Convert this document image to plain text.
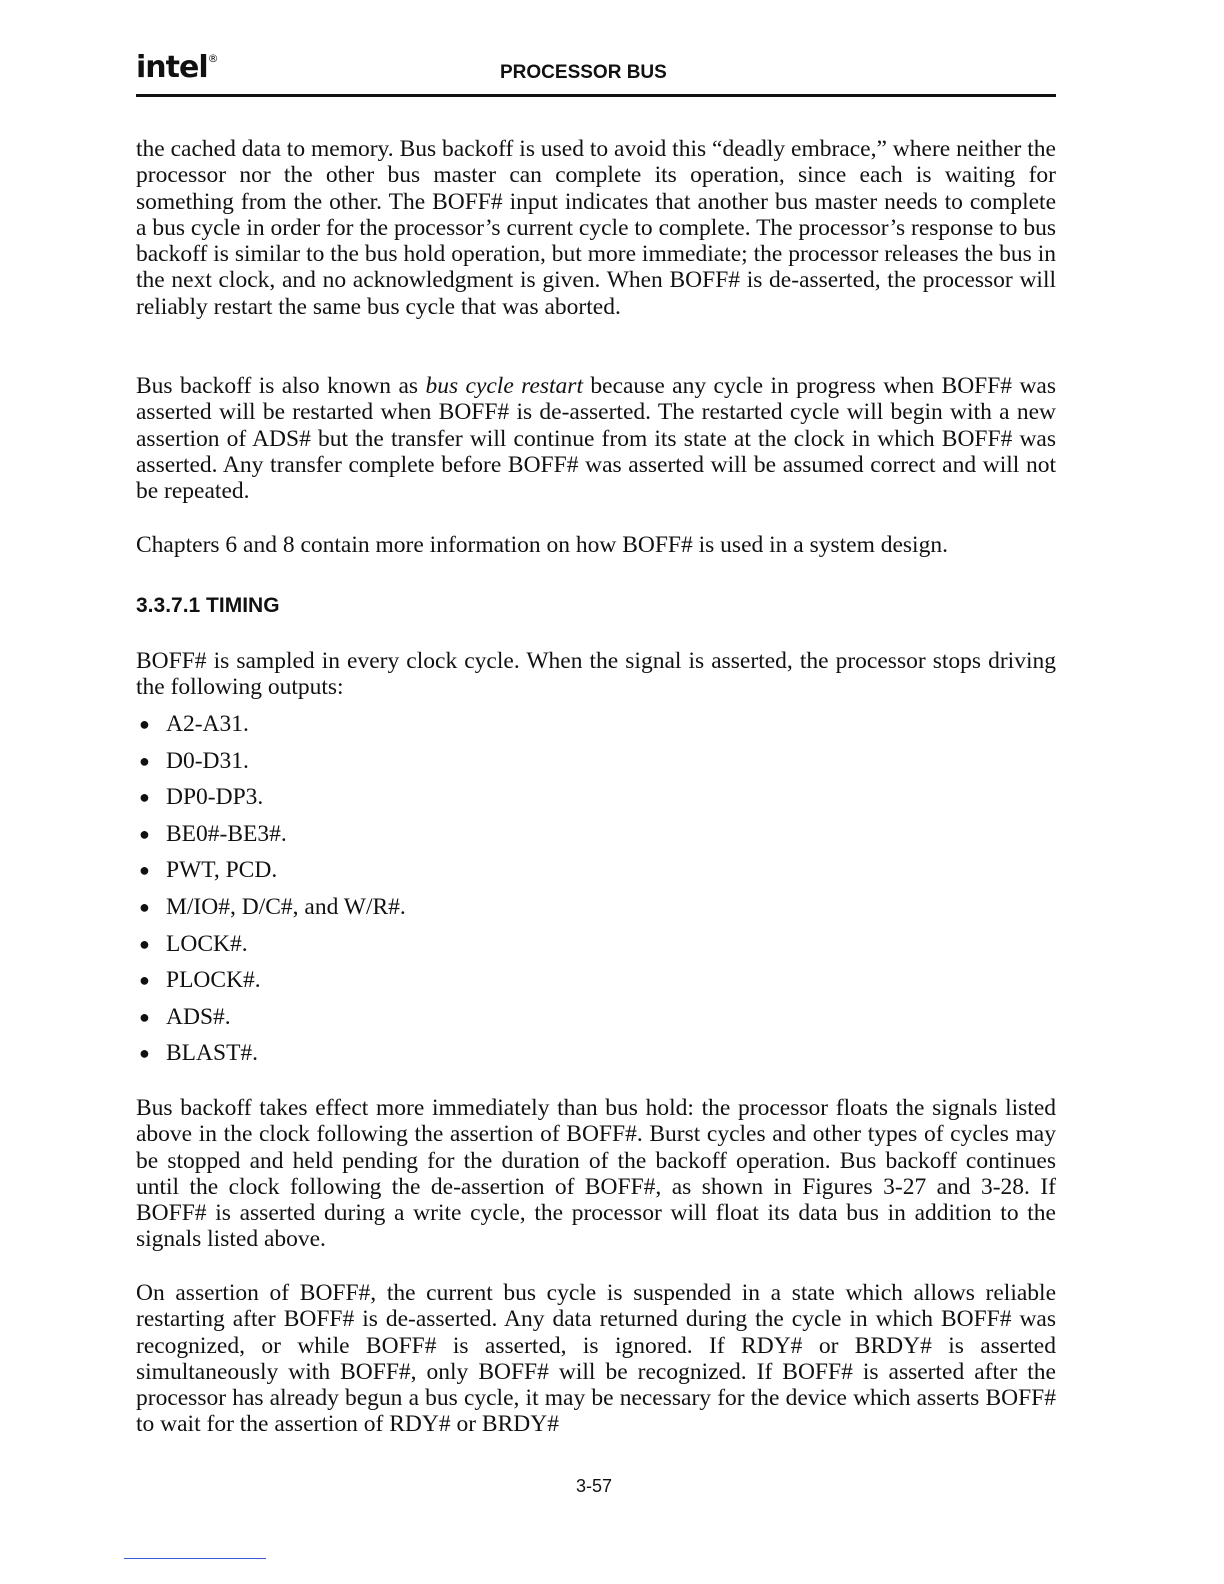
intel®
PROCESSOR BUS

the cached data to memory. Bus backoff is used to avoid this “deadly embrace,” where neither the processor nor the other bus master can complete its operation, since each is waiting for something from the other. The BOFF# input indicates that another bus master needs to complete a bus cycle in order for the processor’s current cycle to complete. The processor’s response to bus backoff is similar to the bus hold operation, but more immediate; the processor releases the bus in the next clock, and no acknowledgment is given. When BOFF# is de-asserted, the processor will reliably restart the same bus cycle that was aborted.

Bus backoff is also known as bus cycle restart because any cycle in progress when BOFF# was asserted will be restarted when BOFF# is de-asserted. The restarted cycle will begin with a new assertion of ADS# but the transfer will continue from its state at the clock in which BOFF# was asserted. Any transfer complete before BOFF# was asserted will be assumed correct and will not be repeated.

Chapters 6 and 8 contain more information on how BOFF# is used in a system design.

3.3.7.1 TIMING

BOFF# is sampled in every clock cycle. When the signal is asserted, the processor stops driving the following outputs:

● A2-A31.
● D0-D31.
● DP0-DP3.
● BE0#-BE3#.
● PWT, PCD.
● M/IO#, D/C#, and W/R#.
● LOCK#.
● PLOCK#.
● ADS#.
● BLAST#.

Bus backoff takes effect more immediately than bus hold: the processor floats the signals listed above in the clock following the assertion of BOFF#. Burst cycles and other types of cycles may be stopped and held pending for the duration of the backoff operation. Bus backoff continues until the clock following the de-assertion of BOFF#, as shown in Figures 3-27 and 3-28. If BOFF# is asserted during a write cycle, the processor will float its data bus in addition to the signals listed above.

On assertion of BOFF#, the current bus cycle is suspended in a state which allows reliable restarting after BOFF# is de-asserted. Any data returned during the cycle in which BOFF# was recognized, or while BOFF# is asserted, is ignored. If RDY# or BRDY# is asserted simultaneously with BOFF#, only BOFF# will be recognized. If BOFF# is asserted after the processor has already begun a bus cycle, it may be necessary for the device which asserts BOFF# to wait for the assertion of RDY# or BRDY#

3-57
